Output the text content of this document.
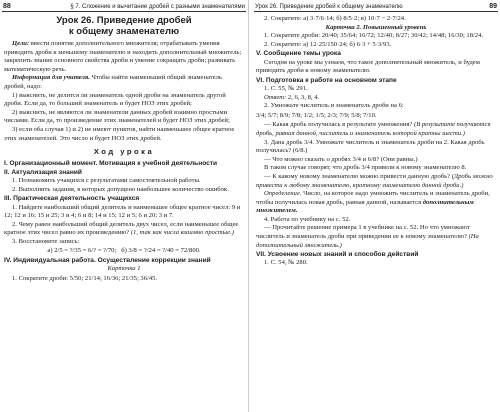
88	§ 7. Сложение и вычитание дробей с разными знаменателями
Урок 26. Приведение дробей
к общему знаменателю

Цели: ввести понятие дополнительного множителя; отрабатывать умения приводить дроби к меньшему знаменателю и находить дополнительный множитель; закрепить знание основного свойства дроби и умение сокращать дроби; развивать математическую речь.

Информация для учителя. Чтобы найти наименьший общий знаменатель дробей, надо:

1) выяснить, не делится ли знаменатель одной дроби на знаменатель другой дроби. Если да, то больший знаменатель и будет НОЗ этих дробей;

2) выяснить, не являются ли знаменатели данных дробей взаимно простыми числами. Если да, то произведение этих знаменателей и будет НОЗ этих дробей;

3) если оба случая 1) и 2) не имеют пунктов, найти наименьшее общее кратное этих знаменателей. Это число и будет НОЗ этих дробей.

Ход урока
I. Организационный момент. Мотивация к учебной деятельности
II. Актуализация знаний

1. Познакомить учащихся с результатами самостоятельной работы.

2. Выполнить задания, в которых допущено наибольшее количество ошибок.

III. Практическая деятельность учащихся

1. Найдите наибольший общий делитель и наименьшее общее кратное чисел: 9 и 12; 12 и 16; 15 и 25; 3 и 4; 6 и 8; 14 и 15; 12 и 5; 6 и 20; 3 и 7.

2. Чему равен наибольший общий делитель двух чисел, если наименьшее общее кратное этих чисел равно их произведению? (1, так как числа взаимно простые.)

3. Восстановите запись:

а) 2/5 = ?/35 = 6/? = ?/70; б) 3/8 = ?/24 = ?/40 = 72/800.
IV. Индивидуальная работа. Осуществление коррекции знаний
Карточка 1

1. Сократите дроби: 5/50; 21/14; 16/36; 21/35; 36/45.

Урок 26. Приведение дробей к общему знаменателю	89

2. Сократите: а) 3·7/6·14; б) 8/5·2; в) 10·7 − 2·7/24.

Карточка 2. Повышенный уровень

1. Сократите дроби: 20/40; 35/64; 16/72; 12/40; 8/27; 30/42; 14/48; 16/30; 18/24.

2. Сократите: а) 12·25/150·24; б) 6·3 + 5·3/93.

V. Сообщение темы урока

Сегодня на уроке мы узнаем, что такое дополнительный множитель, и будем приводить дроби к новому знаменателю.

VI. Подготовка к работе на основном этапе

1. С. 55, № 291.

Ответ: 2, 6, 3, 8, 4.

2. Умножьте числитель и знаменатель дроби на 6:

3/4; 5/7; 8/9; 7/8; 1/2; 1/5; 2/3; 7/9; 5/8; 7/10.

— Какая дробь получилась в результате умножения? (В результате получаются дробь, равная данной, числитель и знаменатель которой кратны шести.)

3. Дана дробь 3/4. Умножьте числитель и знаменатель дроби на 2. Какая дробь получилась? (6/8.)

— Что можно сказать о дробях 3/4 и 6/8? (Они равны.)

В таком случае говорят, что дробь 3/4 привели к новому знаменателю 8.

— К какому новому знаменателю можно привести данную дробь? (Дробь можно привести к любому знаменателю, кратному знаменателю данной дроби.)

Определение. Число, на которое надо умножить числитель и знаменатель дроби, чтобы получилась новая дробь, равная данной, называется дополнительным множителем.

4. Работа по учебнику на с. 52.

— Прочитайте решение примера 1 в учебнике на с. 52. Но что умножают числитель и знаменатель дроби при приведении ее к новому знаменателю? (На дополнительный множитель.)

VII. Усвоение новых знаний и способов действий

1. С. 54, № 280.
